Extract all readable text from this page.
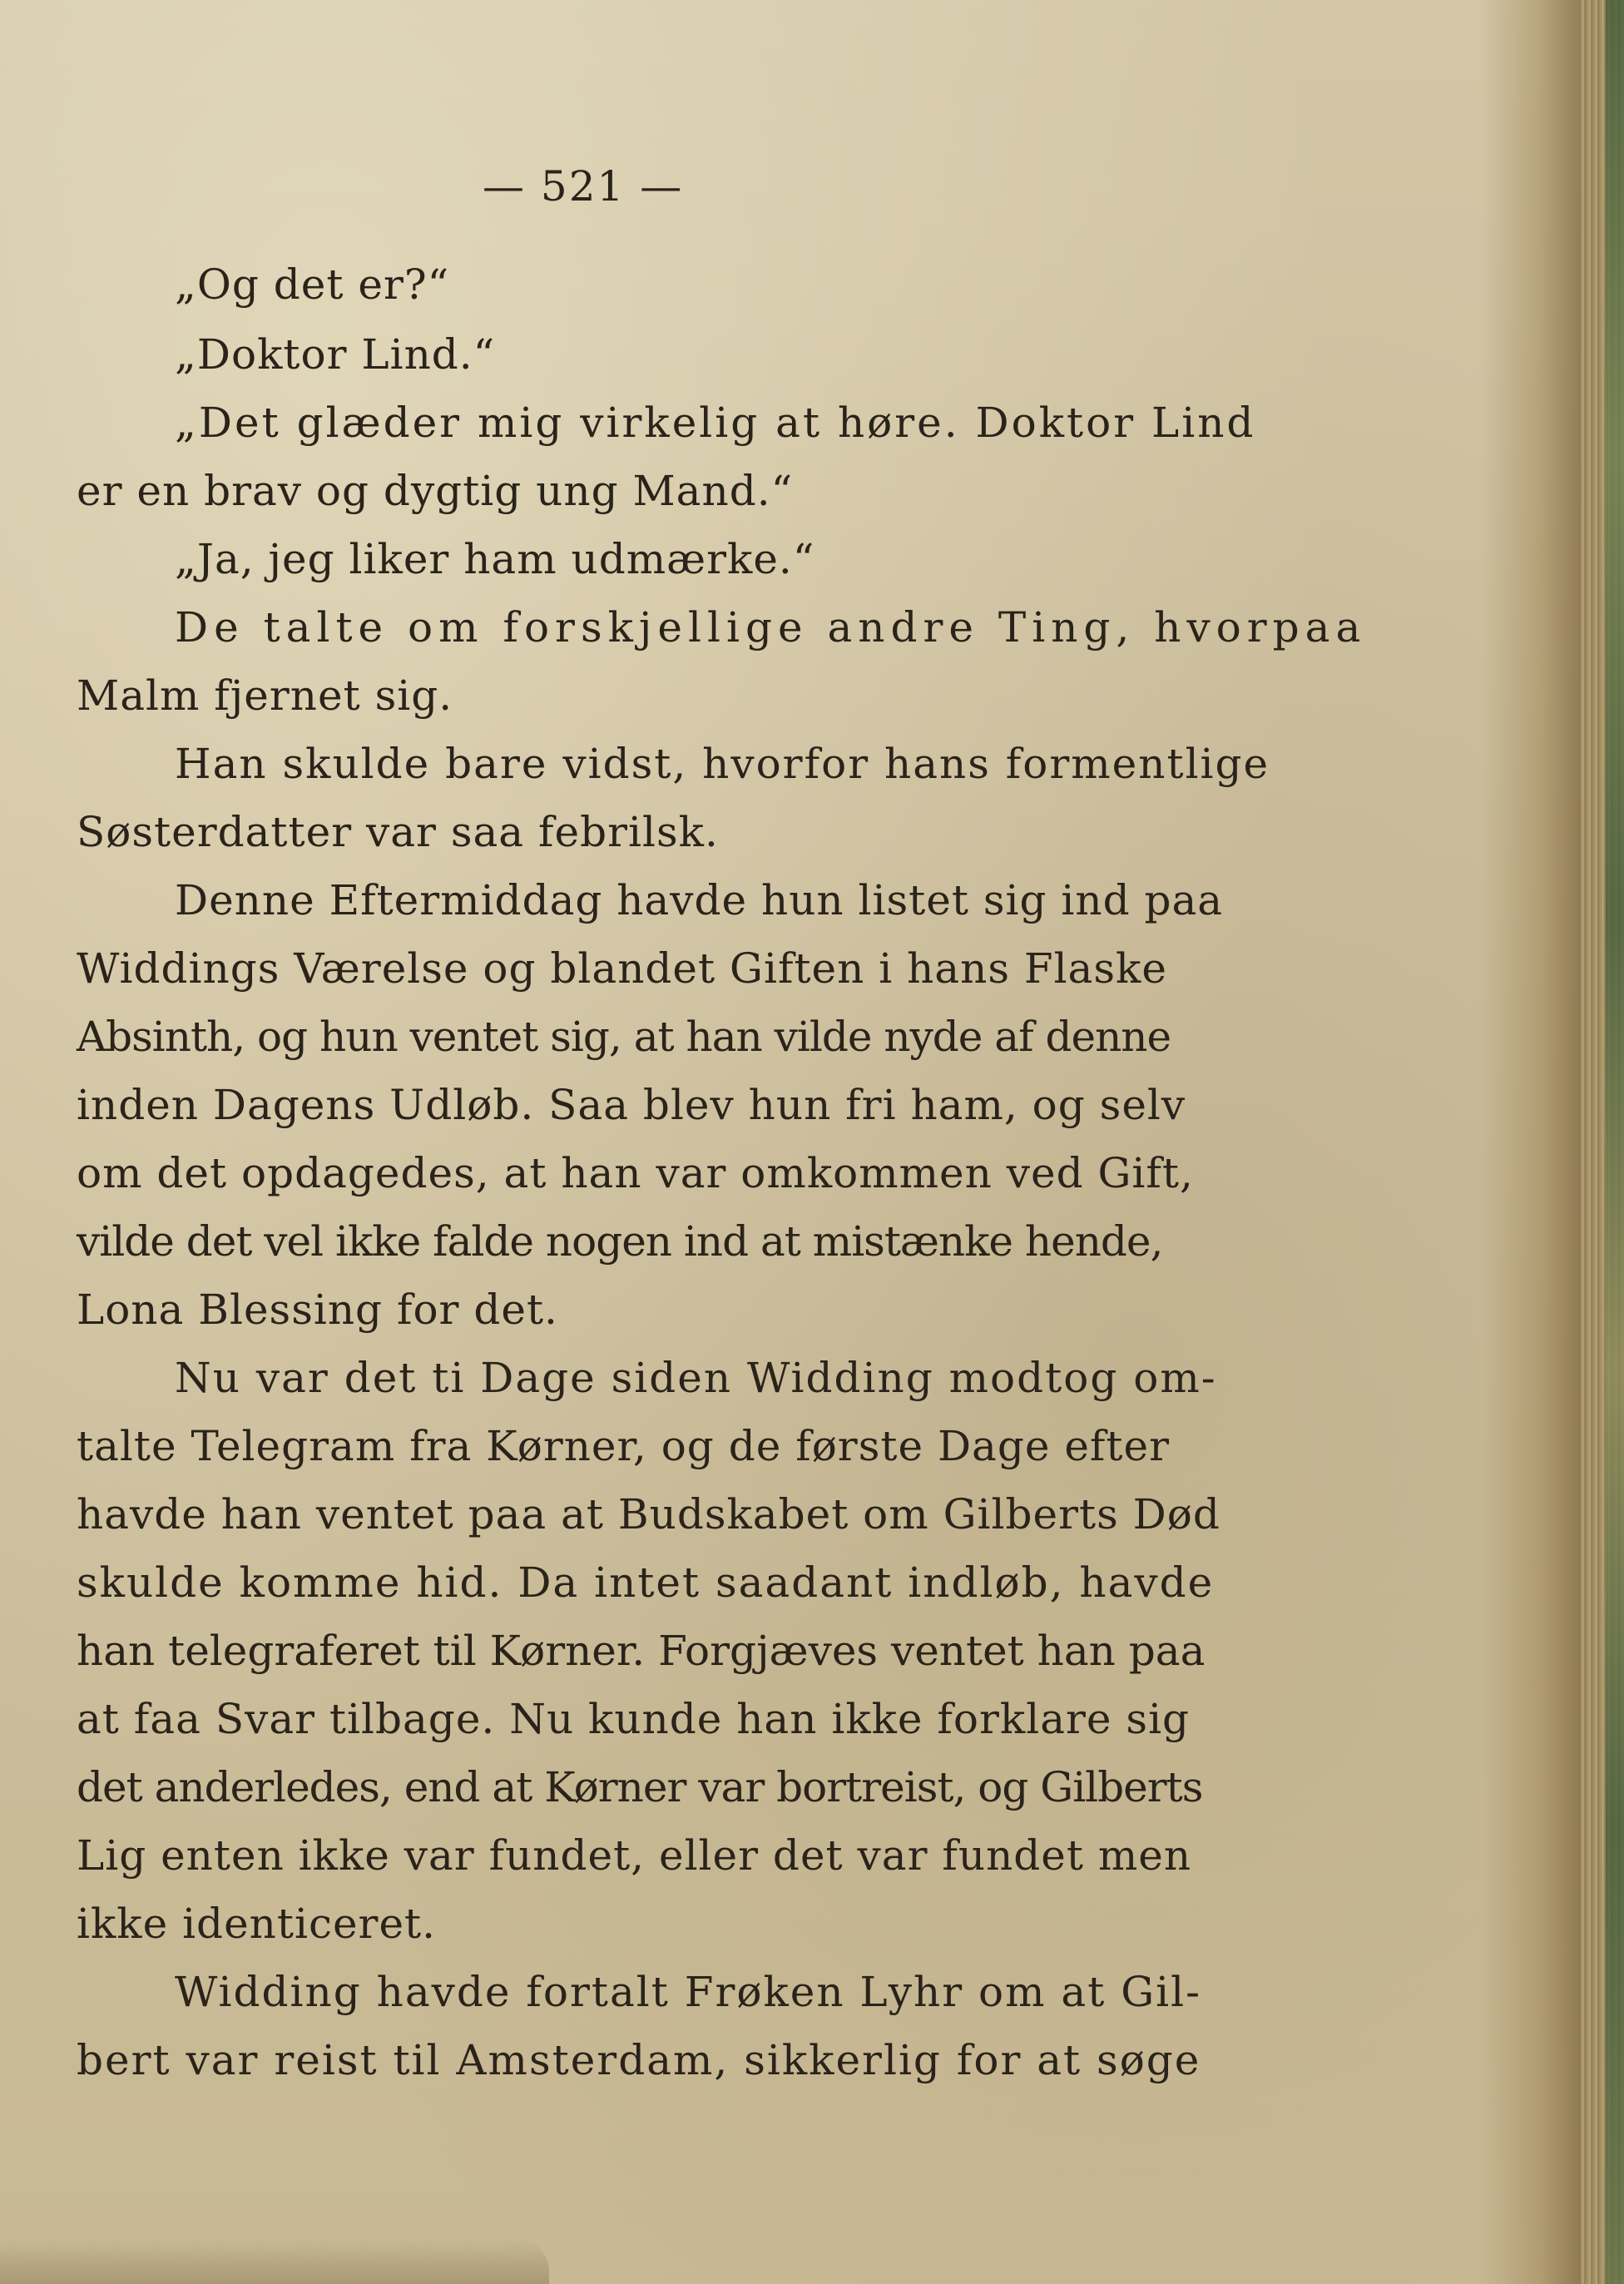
— 521 —
„Og det er?“
„Doktor Lind.“
„Det glæder mig virkelig at høre. Doktor Lind
er en brav og dygtig ung Mand.“
„Ja, jeg liker ham udmærke.“
De talte om forskjellige andre Ting, hvorpaa
Malm fjernet sig.
Han skulde bare vidst, hvorfor hans formentlige
Søsterdatter var saa febrilsk.
Denne Eftermiddag havde hun listet sig ind paa
Widdings Værelse og blandet Giften i hans Flaske
Absinth, og hun ventet sig, at han vilde nyde af denne
inden Dagens Udløb. Saa blev hun fri ham, og selv
om det opdagedes, at han var omkommen ved Gift,
vilde det vel ikke falde nogen ind at mistænke hende,
Lona Blessing for det.
Nu var det ti Dage siden Widding modtog om-
talte Telegram fra Kørner, og de første Dage efter
havde han ventet paa at Budskabet om Gilberts Død
skulde komme hid. Da intet saadant indløb, havde
han telegraferet til Kørner. Forgjæves ventet han paa
at faa Svar tilbage. Nu kunde han ikke forklare sig
det anderledes, end at Kørner var bortreist, og Gilberts
Lig enten ikke var fundet, eller det var fundet men
ikke identiceret.
Widding havde fortalt Frøken Lyhr om at Gil-
bert var reist til Amsterdam, sikkerlig for at søge
